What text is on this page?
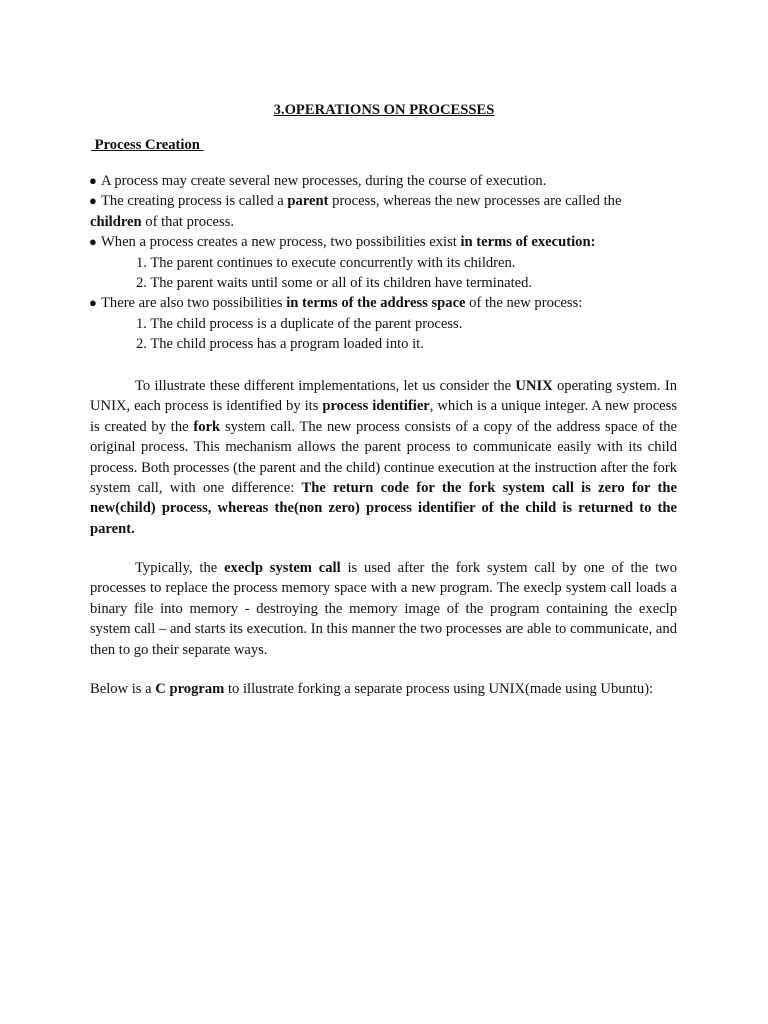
3.OPERATIONS ON PROCESSES
Process Creation
● A process may create several new processes, during the course of execution.
● The creating process is called a parent process, whereas the new processes are called the
children of that process.
● When a process creates a new process, two possibilities exist in terms of execution:
1. The parent continues to execute concurrently with its children.
2. The parent waits until some or all of its children have terminated.
● There are also two possibilities in terms of the address space of the new process:
1. The child process is a duplicate of the parent process.
2. The child process has a program loaded into it.

To illustrate these different implementations, let us consider the UNIX operating system. In UNIX, each process is identified by its process identifier, which is a unique integer. A new process is created by the fork system call. The new process consists of a copy of the address space of the original process. This mechanism allows the parent process to communicate easily with its child process. Both processes (the parent and the child) continue execution at the instruction after the fork system call, with one difference: The return code for the fork system call is zero for the new(child) process, whereas the(non zero) process identifier of the child is returned to the parent.

Typically, the execlp system call is used after the fork system call by one of the two processes to replace the process memory space with a new program. The execlp system call loads a binary file into memory - destroying the memory image of the program containing the execlp system call – and starts its execution. In this manner the two processes are able to communicate, and then to go their separate ways.

Below is a C program to illustrate forking a separate process using UNIX(made using Ubuntu):
